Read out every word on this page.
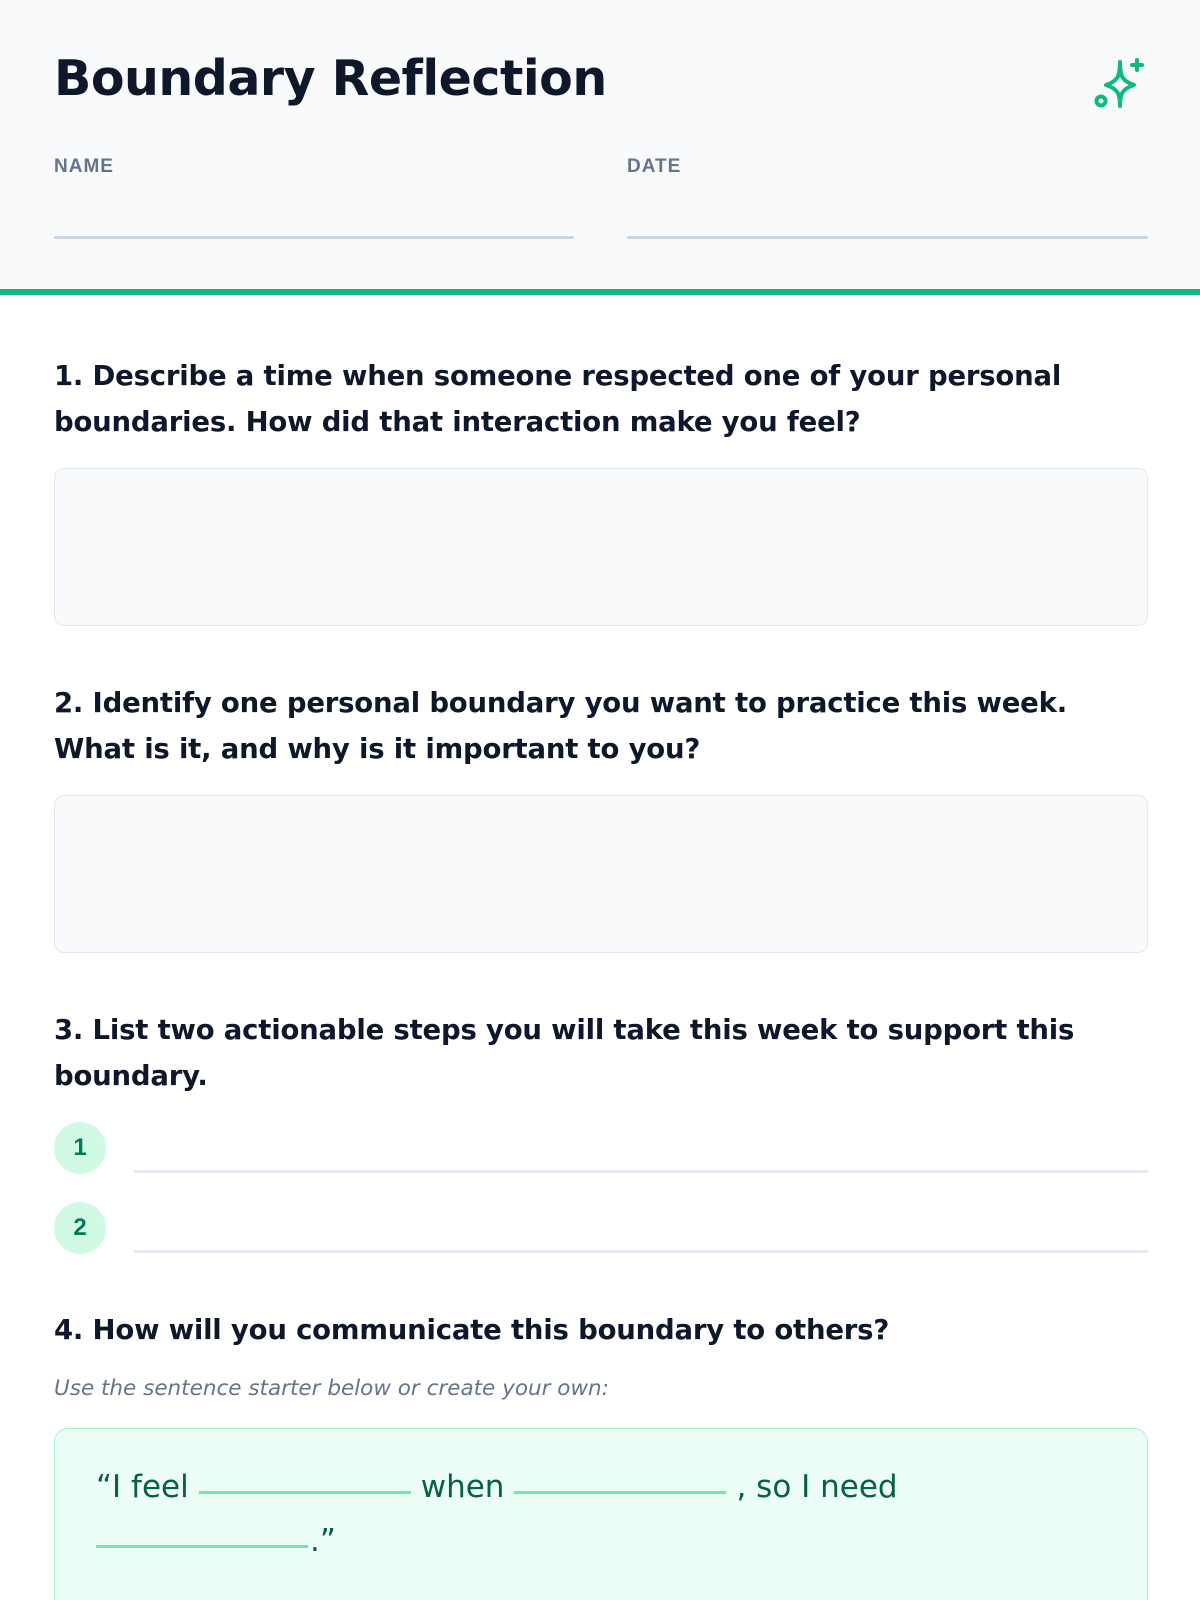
Boundary Reflection
NAME	DATE
1. Describe a time when someone respected one of your personal boundaries. How did that interaction make you feel?
2. Identify one personal boundary you want to practice this week. What is it, and why is it important to you?
3. List two actionable steps you will take this week to support this boundary.
1
2
4. How will you communicate this boundary to others?
Use the sentence starter below or create your own:
“I feel	when	, so I need
.”
